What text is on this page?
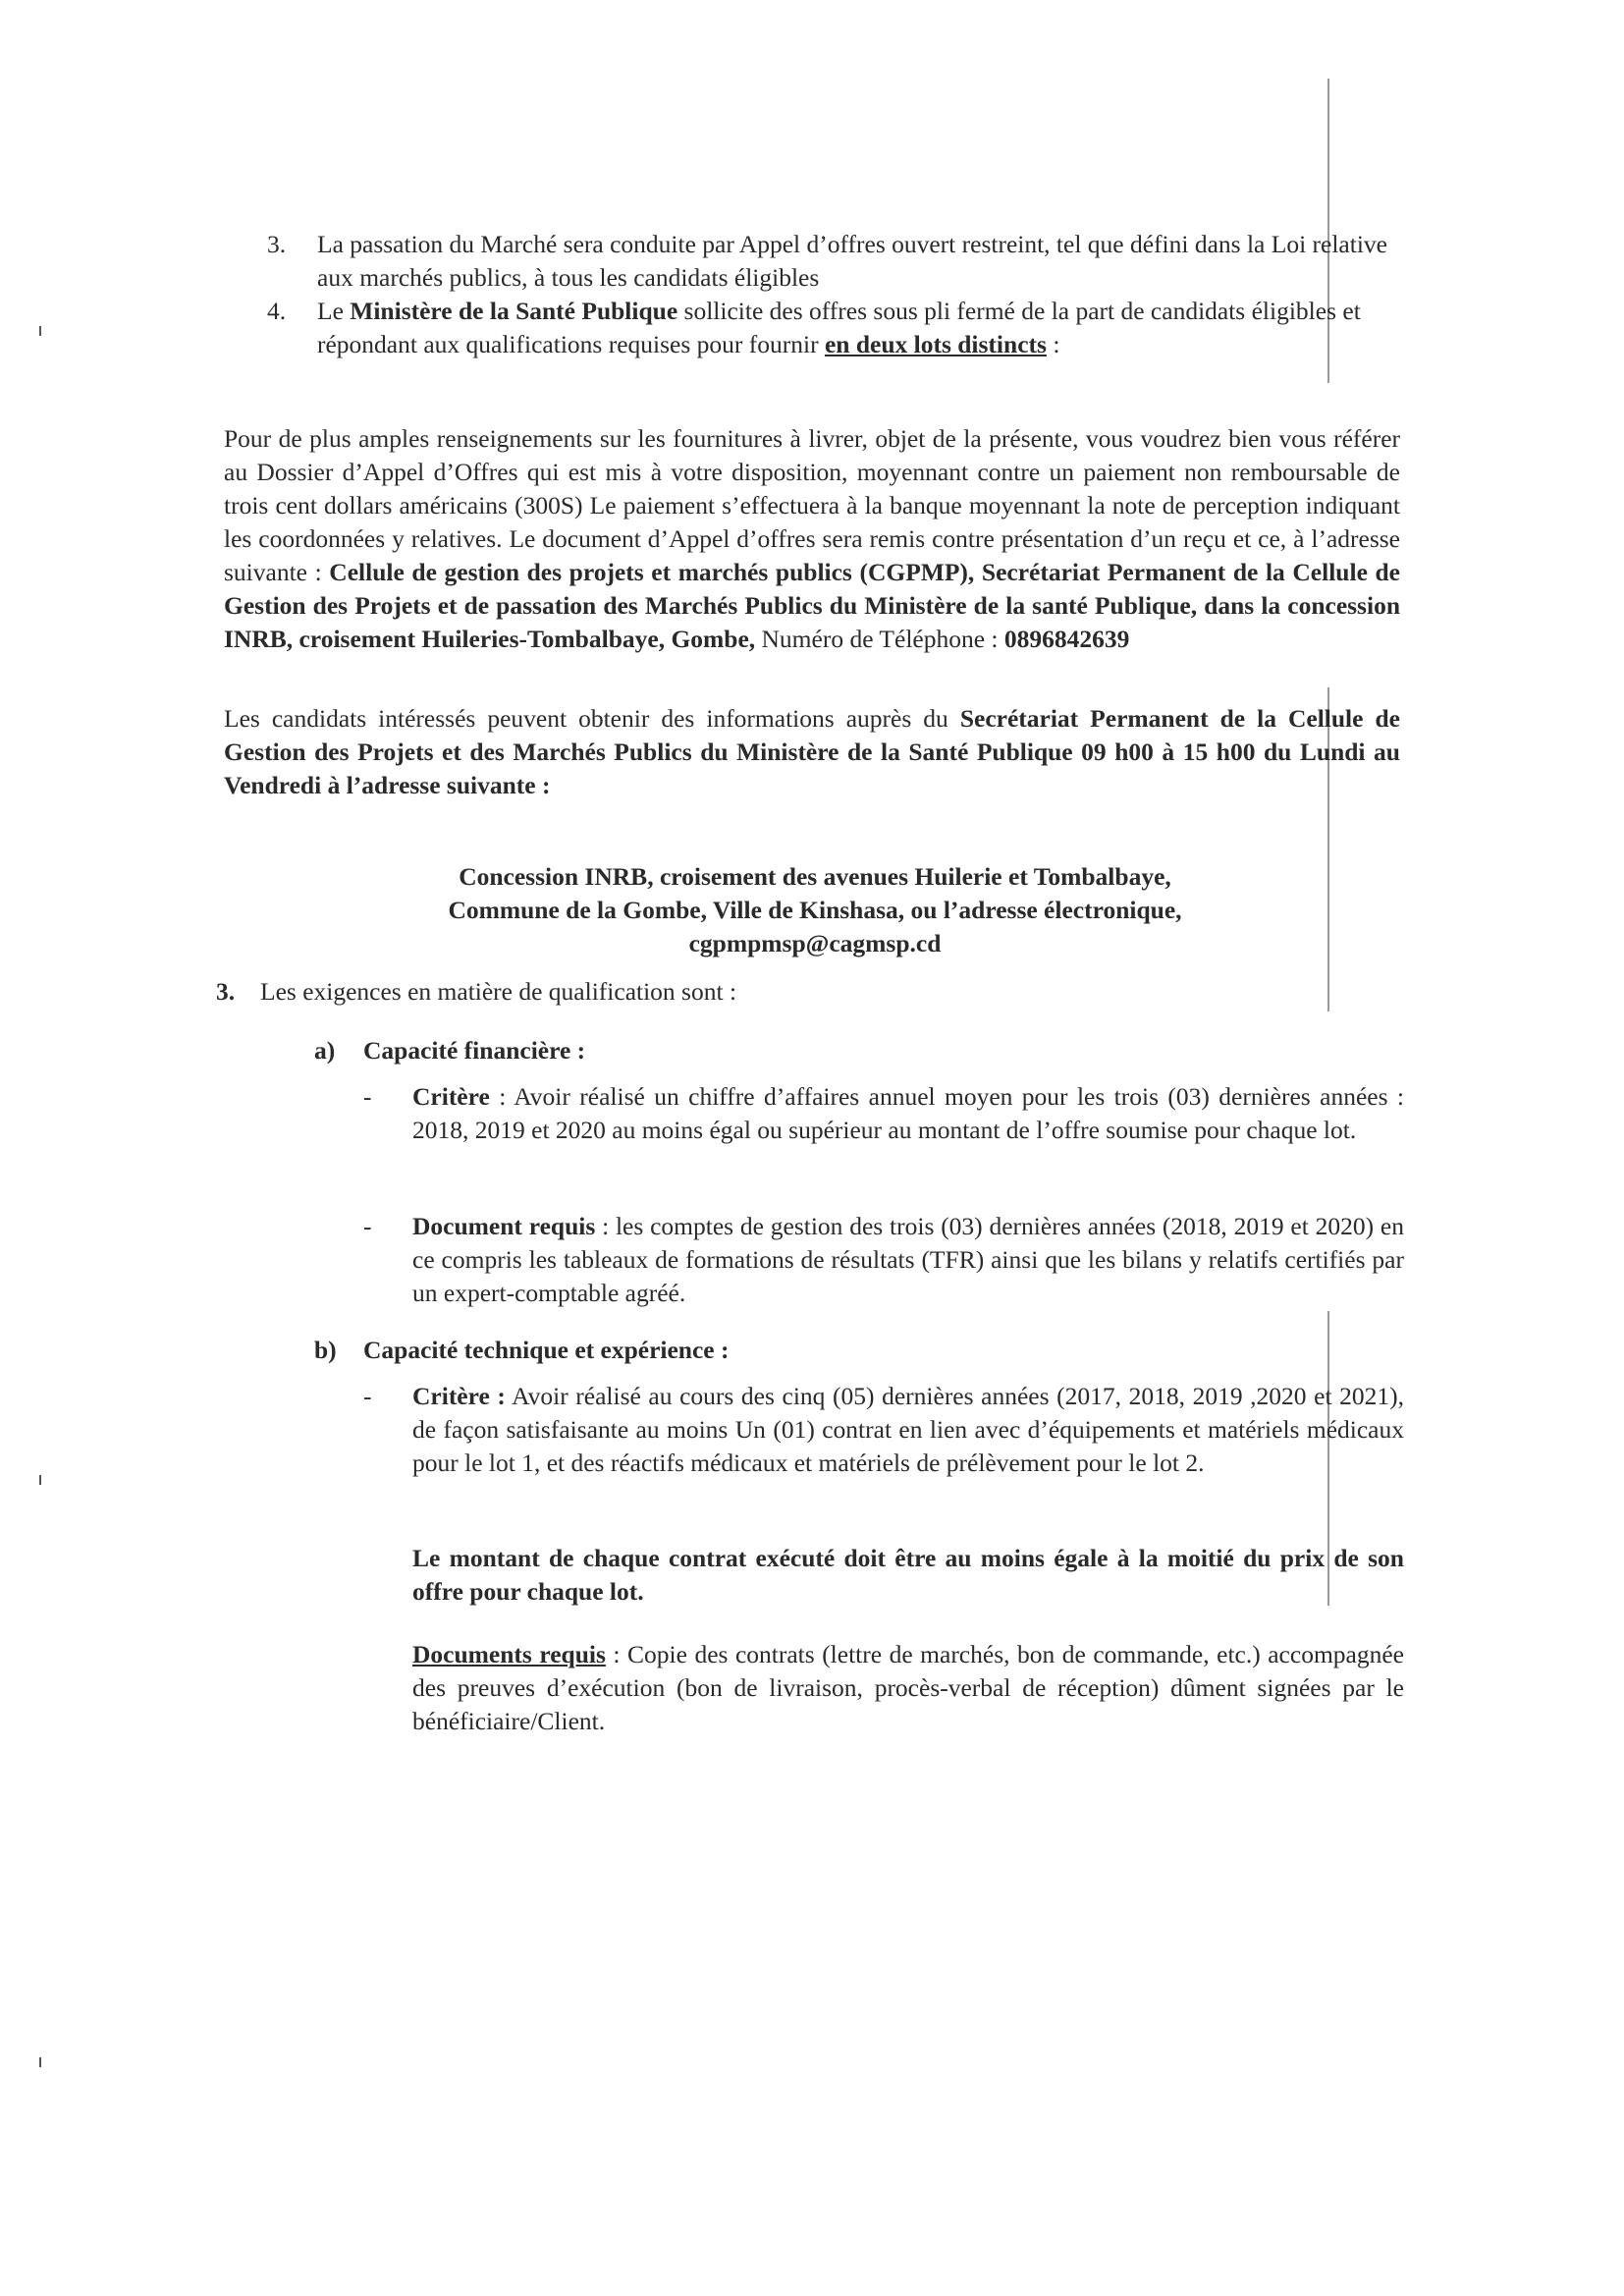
3. La passation du Marché sera conduite par Appel d’offres ouvert restreint, tel que défini dans la Loi relative aux marchés publics, à tous les candidats éligibles
4. Le Ministère de la Santé Publique sollicite des offres sous pli fermé de la part de candidats éligibles et répondant aux qualifications requises pour fournir en deux lots distincts :
Pour de plus amples renseignements sur les fournitures à livrer, objet de la présente, vous voudrez bien vous référer au Dossier d’Appel d’Offres qui est mis à votre disposition, moyennant contre un paiement non remboursable de trois cent dollars américains (300S) Le paiement s’effectuera à la banque moyennant la note de perception indiquant les coordonnées y relatives. Le document d’Appel d’offres sera remis contre présentation d’un reçu et ce, à l’adresse suivante : Cellule de gestion des projets et marchés publics (CGPMP), Secrétariat Permanent de la Cellule de Gestion des Projets et de passation des Marchés Publics du Ministère de la santé Publique, dans la concession INRB, croisement Huileries-Tombalbaye, Gombe, Numéro de Téléphone : 0896842639
Les candidats intéressés peuvent obtenir des informations auprès du Secrétariat Permanent de la Cellule de Gestion des Projets et des Marchés Publics du Ministère de la Santé Publique 09 h00 à 15 h00 du Lundi au Vendredi à l’adresse suivante :
Concession INRB, croisement des avenues Huilerie et Tombalbaye,
Commune de la Gombe, Ville de Kinshasa, ou l’adresse électronique,
cgpmpmsp@cagmsp.cd
3. Les exigences en matière de qualification sont :
a) Capacité financière :
- Critère : Avoir réalisé un chiffre d’affaires annuel moyen pour les trois (03) dernières années : 2018, 2019 et 2020 au moins égal ou supérieur au montant de l’offre soumise pour chaque lot.
- Document requis : les comptes de gestion des trois (03) dernières années (2018, 2019 et 2020) en ce compris les tableaux de formations de résultats (TFR) ainsi que les bilans y relatifs certifiés par un expert-comptable agréé.
b) Capacité technique et expérience :
- Critère : Avoir réalisé au cours des cinq (05) dernières années (2017, 2018, 2019 ,2020 et 2021), de façon satisfaisante au moins Un (01) contrat en lien avec d’équipements et matériels médicaux pour le lot 1, et des réactifs médicaux et matériels de prélèvement pour le lot 2.
Le montant de chaque contrat exécuté doit être au moins égale à la moitié du prix de son offre pour chaque lot.
Documents requis : Copie des contrats (lettre de marchés, bon de commande, etc.) accompagnée des preuves d’exécution (bon de livraison, procès-verbal de réception) dûment signées par le bénéficiaire/Client.
